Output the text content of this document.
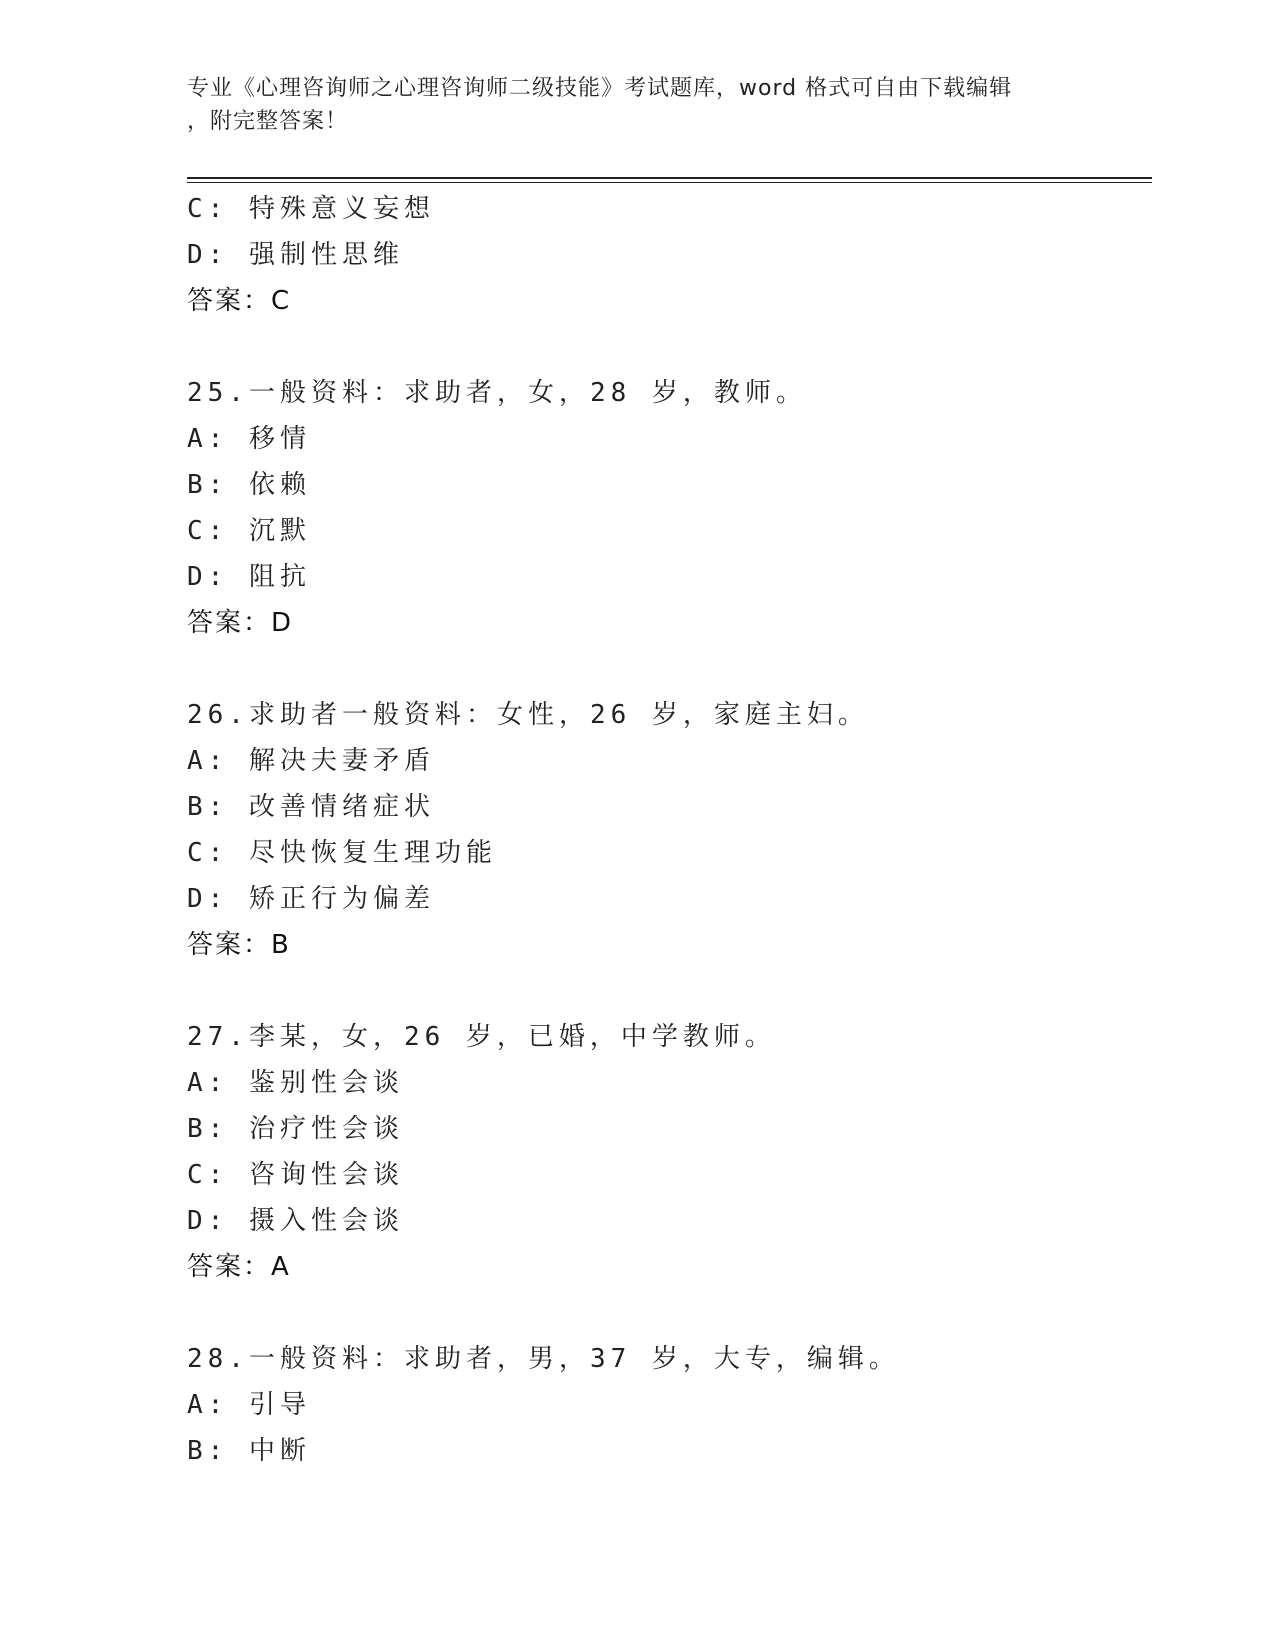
专业《心理咨询师之心理咨询师二级技能》考试题库，word 格式可自由下载编辑
，附完整答案！
C: 特殊意义妄想
D: 强制性思维
答案：C
25.一般资料：求助者，女，28 岁，教师。
A: 移情
B: 依赖
C: 沉默
D: 阻抗
答案：D
26.求助者一般资料：女性，26 岁，家庭主妇。
A: 解决夫妻矛盾
B: 改善情绪症状
C: 尽快恢复生理功能
D: 矫正行为偏差
答案：B
27.李某，女，26 岁，已婚，中学教师。
A: 鉴别性会谈
B: 治疗性会谈
C: 咨询性会谈
D: 摄入性会谈
答案：A
28.一般资料：求助者，男，37 岁，大专，编辑。
A: 引导
B: 中断
